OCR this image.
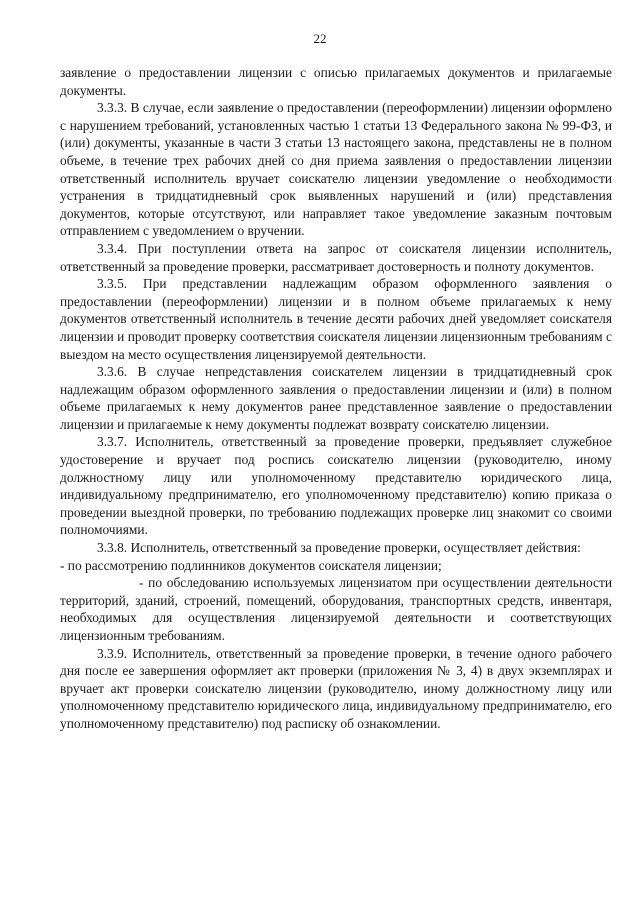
22

заявление о предоставлении лицензии с описью прилагаемых документов и прилагаемые документы.

3.3.3. В случае, если заявление о предоставлении (переоформлении) лицензии оформлено с нарушением требований, установленных частью 1 статьи 13 Федерального закона № 99-ФЗ, и (или) документы, указанные в части 3 статьи 13 настоящего закона, представлены не в полном объеме, в течение трех рабочих дней со дня приема заявления о предоставлении лицензии ответственный исполнитель вручает соискателю лицензии уведомление о необходимости устранения в тридцатидневный срок выявленных нарушений и (или) представления документов, которые отсутствуют, или направляет такое уведомление заказным почтовым отправлением с уведомлением о вручении.

3.3.4. При поступлении ответа на запрос от соискателя лицензии исполнитель, ответственный за проведение проверки, рассматривает достоверность и полноту документов.

3.3.5. При представлении надлежащим образом оформленного заявления о предоставлении (переоформлении) лицензии и в полном объеме прилагаемых к нему документов ответственный исполнитель в течение десяти рабочих дней уведомляет соискателя лицензии и проводит проверку соответствия соискателя лицензии лицензионным требованиям с выездом на место осуществления лицензируемой деятельности.

3.3.6. В случае непредставления соискателем лицензии в тридцатидневный срок надлежащим образом оформленного заявления о предоставлении лицензии и (или) в полном объеме прилагаемых к нему документов ранее представленное заявление о предоставлении лицензии и прилагаемые к нему документы подлежат возврату соискателю лицензии.

3.3.7. Исполнитель, ответственный за проведение проверки, предъявляет служебное удостоверение и вручает под роспись соискателю лицензии (руководителю, иному должностному лицу или уполномоченному представителю юридического лица, индивидуальному предпринимателю, его уполномоченному представителю) копию приказа о проведении выездной проверки, по требованию подлежащих проверке лиц знакомит со своими полномочиями.

3.3.8. Исполнитель, ответственный за проведение проверки, осуществляет действия:

- по рассмотрению подлинников документов соискателя лицензии;

- по обследованию используемых лицензиатом при осуществлении деятельности территорий, зданий, строений, помещений, оборудования, транспортных средств, инвентаря, необходимых для осуществления лицензируемой деятельности и соответствующих лицензионным требованиям.

3.3.9. Исполнитель, ответственный за проведение проверки, в течение одного рабочего дня после ее завершения оформляет акт проверки (приложения № 3, 4) в двух экземплярах и вручает акт проверки соискателю лицензии (руководителю, иному должностному лицу или уполномоченному представителю юридического лица, индивидуальному предпринимателю, его уполномоченному представителю) под расписку об ознакомлении.
